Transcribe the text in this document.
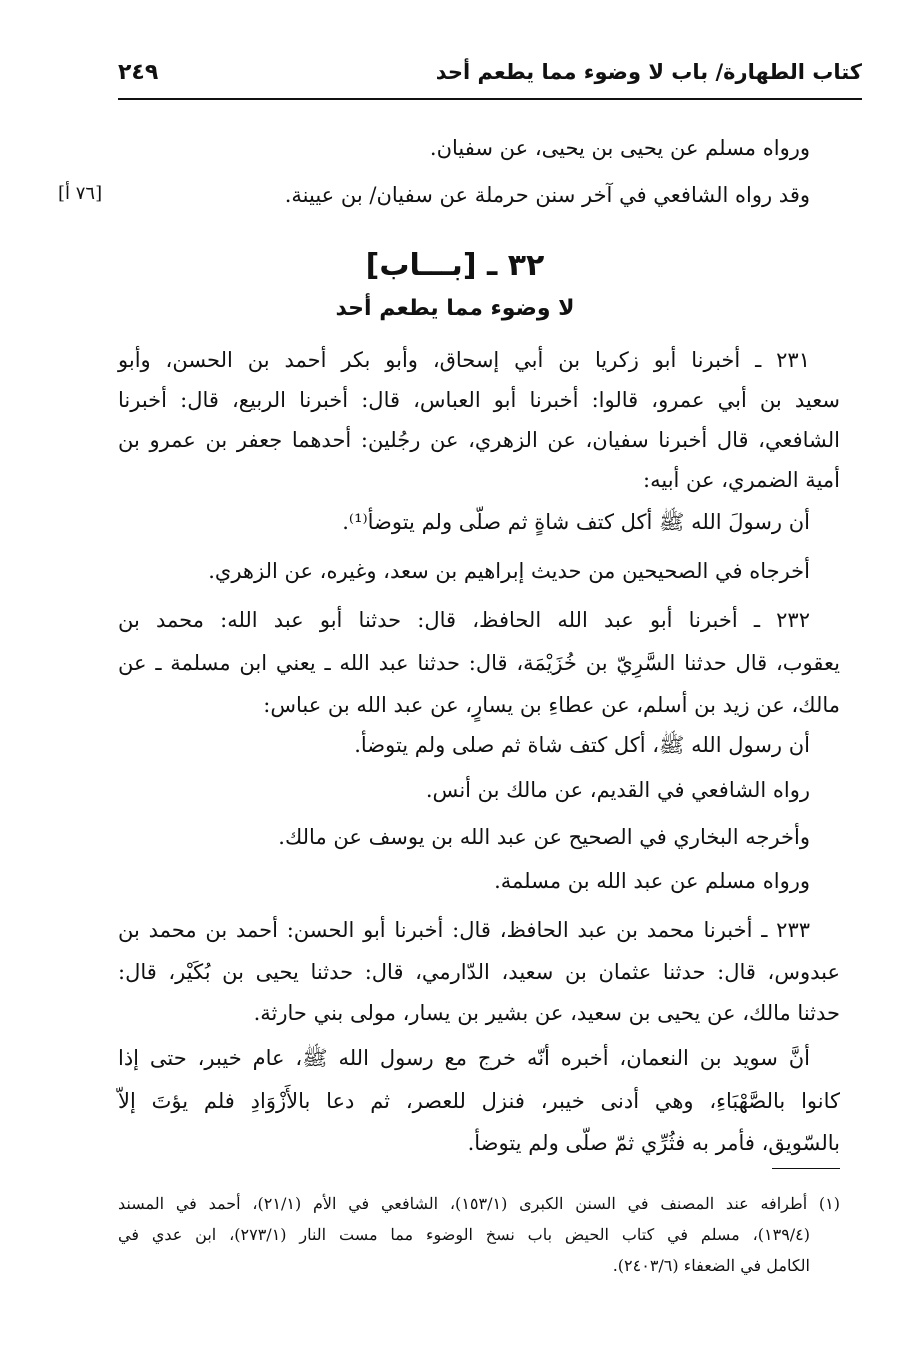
كتاب الطهارة/ باب لا وضوء مما يطعم أحد
٢٤٩
ورواه مسلم عن يحيى بن يحيى، عن سفيان.
وقد رواه الشافعي في آخر سنن حرملة عن سفيان/ بن عيينة.
[٧٦ أ]
٣٢ ـ [بـــاب]
لا وضوء مما يطعم أحد
٢٣١ ـ أخبرنا أبو زكريا بن أبي إسحاق، وأبو بكر أحمد بن الحسن، وأبو
سعيد بن أبي عمرو، قالوا: أخبرنا أبو العباس، قال: أخبرنا الربيع، قال: أخبرنا
الشافعي، قال أخبرنا سفيان، عن الزهري، عن رجُلين: أحدهما جعفر بن عمرو بن
أمية الضمري، عن أبيه:
أن رسولَ الله ﷺ أكل كتف شاةٍ ثم صلّى ولم يتوضأ⁽¹⁾.
أخرجاه في الصحيحين من حديث إبراهيم بن سعد، وغيره، عن الزهري.
٢٣٢ ـ أخبرنا أبو عبد الله الحافظ، قال: حدثنا أبو عبد الله: محمد بن
يعقوب، قال حدثنا السَّرِيّ بن خُزَيْمَة، قال: حدثنا عبد الله ـ يعني ابن مسلمة ـ عن
مالك، عن زيد بن أسلم، عن عطاءِ بن يسارٍ، عن عبد الله بن عباس:
أن رسول الله ﷺ، أكل كتف شاة ثم صلى ولم يتوضأ.
رواه الشافعي في القديم، عن مالك بن أنس.
وأخرجه البخاري في الصحيح عن عبد الله بن يوسف عن مالك.
ورواه مسلم عن عبد الله بن مسلمة.
٢٣٣ ـ أخبرنا محمد بن عبد الحافظ، قال: أخبرنا أبو الحسن: أحمد بن محمد بن
عبدوس، قال: حدثنا عثمان بن سعيد، الدّارمي، قال: حدثنا يحيى بن بُكَيْر، قال:
حدثنا مالك، عن يحيى بن سعيد، عن بشير بن يسار، مولى بني حارثة.
أنَّ سويد بن النعمان، أخبره أنّه خرج مع رسول الله ﷺ، عام خيبر، حتى إذا
كانوا بالصَّهْبَاءِ، وهي أدنى خيبر، فنزل للعصر، ثم دعا بالأَزْوَادِ فلم يؤتَ إلاّ
بالسّويق، فأمر به فثُرِّي ثمّ صلّى ولم يتوضأ.
(١) أطرافه عند المصنف في السنن الكبرى (١٥٣/١)، الشافعي في الأم (٢١/١)، أحمد في المسند
(١٣٩/٤)، مسلم في كتاب الحيض باب نسخ الوضوء مما مست النار (٢٧٣/١)، ابن عدي في
الكامل في الضعفاء (٢٤٠٣/٦).
